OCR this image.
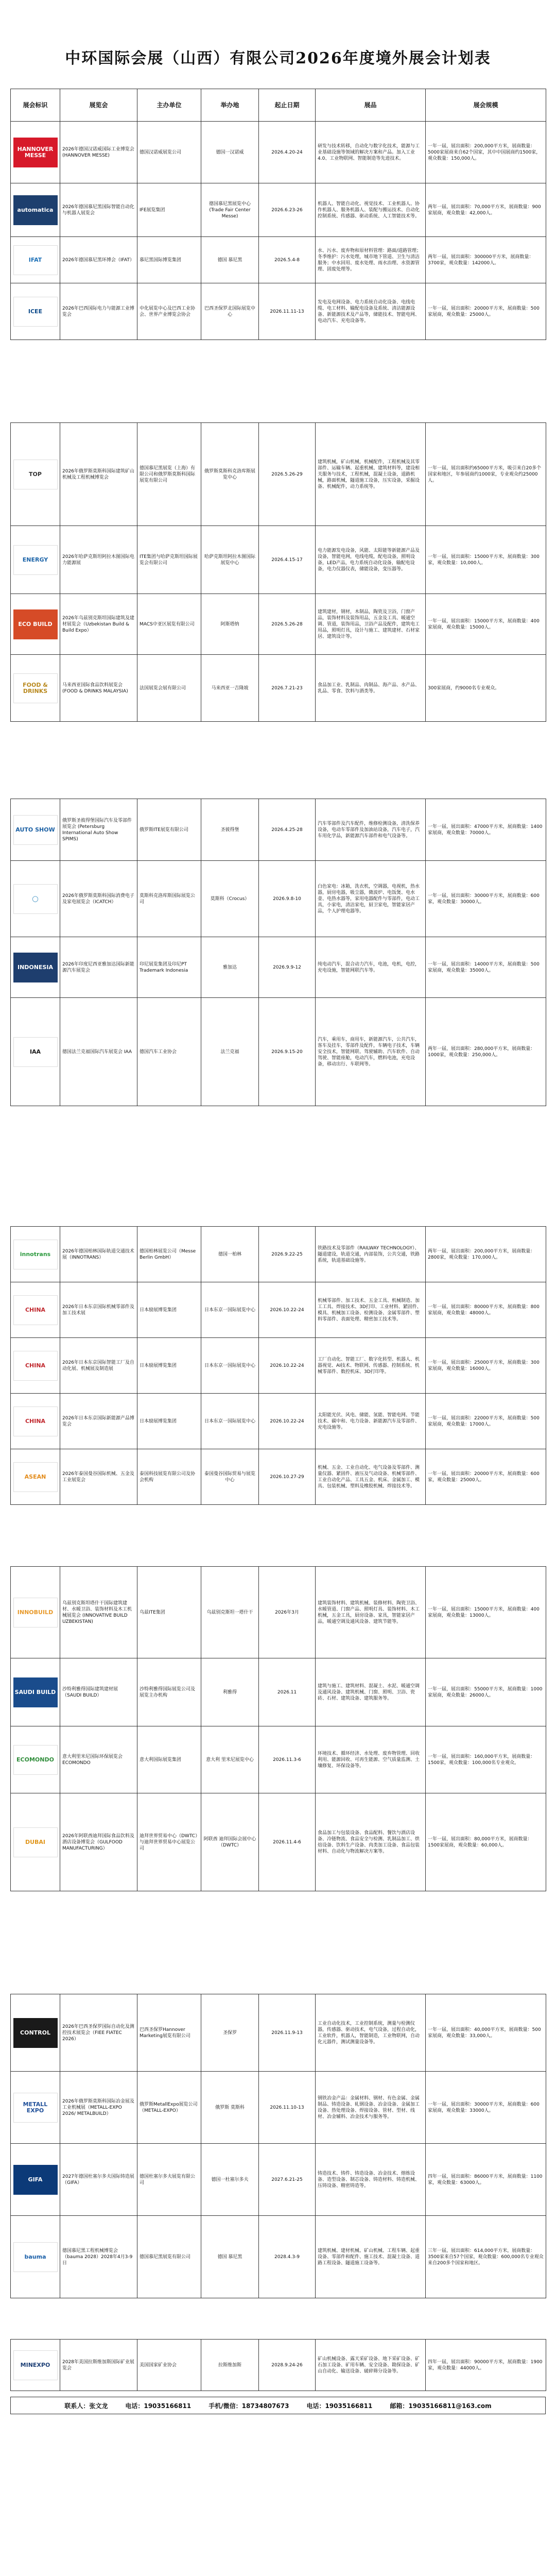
中环国际会展（山西）有限公司2026年度境外展会计划表
展会标识	展览会	主办单位	举办地	起止日期	展品	展会规模

HANNOVER MESSE	2026年德国汉诺威国际工业博览会(HANNOVER MESSE)	德国汉诺威展览公司	德国一汉诺威	2026.4.20-24	研发与技术转移，自动化与数字化技术，能源与工业基础设施等领域的解决方案和产品。加入工业4.0、工业物联网、智能制造等先进技术。	一年一届，展出面积：200,000平方米，展商数量：5000家展商来自62个国家，其中中国展商约1500家，观众数量：150,000人。

automatica	2026年德国慕尼黑国际智能自动化与机器人展览会	IFE展览集团	德国慕尼黑展览中心 (Trade Fair Center Messe)	2026.6.23-26	机器人、智能自动化、视觉技术、工业机器人、协作机器人、服务机器人、装配与搬运技术、自动化控制系统、传感器、驱动系统、人工智能技术等。	两年一届，展出面积：70,000平方米，展商数量：900家展商，观众数量：42,000人。

IFAT	2026年德国慕尼黑环博会（IFAT）	慕尼黑国际博览集团	德国 慕尼黑	2026.5.4-8	水、污水、废弃物和原材料管理：路面/道路管理；冬季维护：污水处理，城市地下管道、卫生与清洁服务；中水回用、废水处理、雨水治理、水资源管理、固废处理等。	两年一届，展出面积：300000平方米，展商数量：3700家，观众数量：142000人。

ICEE	2026年巴西国际电力与能源工业博览会	中化展览中心及巴西工业协会、世界产业博览会协会	巴西圣保罗北国际展览中心	2026.11.11-13	发电及电网设备、电力系统自动化设备、电线电缆、电工材料、输配电设备及系统、清洁能源设备、新能源技术及产品等，储能技术、智能电网、电动汽车、充电设备等。	一年一届，展出面积：20000平方米，展商数量：500家展商，观众数量：25000人。
TOP	2026年俄罗斯莫斯科国际建筑矿山机械及工程机械博览会	德国慕尼黑展览（上海）有限公司和俄罗斯莫斯科国际展览有限公司	俄罗斯莫斯科克洛库斯展览中心	2026.5.26-29	建筑机械，矿山机械，机械配件，工程机械及其零部件、运输车辆、起重机械、建筑材料等，建设相关服务与技术，工程机械，混凝土设备，道路机械，路面机械，隧道施工设备，压实设备，采掘设备、机械配件，动力系统等。	一年一届，展出面积约65000平方米，吸引来自20多个国家和地区，年参展商约1000家，专业观众约25000人。

ENERGY	2026年哈萨克斯坦阿拉木图国际电力能源展	ITE集团与哈萨克斯坦国际展览会有限公司	哈萨克斯坦阿拉木图国际展览中心	2026.4.15-17	电力能源发电设备，风能、太阳能等新能源产品及设备，智能电网，电线电缆，配电设备，照明设备，LED产品，电力系统自动化设备，输配电设备，电力仪器仪表，储能设备，变压器等。	一年一届，展出面积：15000平方米，展商数量：300家，观众数量：10,000人。

ECO BUILD	2026年乌兹别克斯坦国际建筑及建材展览会（Uzbekistan Build & Build Expo）	MACS中亚区展览有限公司	阿斯塔纳	2026.5.26-28	建筑建材，钢材，木制品，陶瓷及卫浴，门窗产品，装饰材料及装饰用品，五金及工具、暖通空调、管道，装饰用品，卫浴产品及配件，建筑电工用品，照明灯具，设计与施工、建筑建材、石材家居、建筑设计等。	一年一届，展出面积：15000平方米，展商数量：400家展商，观众数量：15000人。

FOOD & DRINKS	马来西亚国际食品饮料展览会 (FOOD & DRINKS MALAYSIA)	法国展览会展有限公司	马来西亚一吉隆坡	2026.7.21-23	食品加工业、乳制品、肉制品、海产品、水产品、乳品、零食、饮料与酒类等。	300家展商，约9000名专业观众。
AUTO SHOW	俄罗斯圣彼得堡国际汽车及零部件展览会 (Petersburg International Auto Show SPIMS)	俄罗斯ITE展览有限公司	圣彼得堡	2026.4.25-28	汽车零部件及汽车配件，维修检测设备，清洗保养设备，电动车零部件及加油站设备，汽车电子，汽车用化学品，新能源汽车部件和电气设备等。	一年一届，展出面积：47000平方米，展商数量：1400家展商，观众数量：70000人。

◯	2026年俄罗斯莫斯科国际消费电子及家电展览会（ICATCH）	莫斯科克洛库斯国际展览公司	莫斯科（Crocus）	2026.9.8-10	白色家电：冰箱，洗衣机，空调器，电视机，热水器，厨房电器，吸尘器，微波炉、电饭煲、电水壶、电热水器等，家用电器配件与零部件，电动工具，小家电，清洁家电，厨卫家电，智能家居产品，个人护理电器等。	一年一届，展出面积：30000平方米，展商数量：600家，观众数量：30000人。

INDONESIA	2026年印度尼西亚雅加达国际新能源汽车展览会	印尼展览集团及印尼PT Trademark Indonesia	雅加达	2026.9.9-12	纯电动汽车，混合动力汽车，电池，电机，电控，充电设施，智能网联汽车等。	一年一届，展出面积：14000平方米，展商数量：500家展商，观众数量：35000人。

IAA	德国法兰克福国际汽车展览会 IAA	德国汽车工业协会	法兰克福	2026.9.15-20	汽车，乘用车，商用车，新能源汽车，公共汽车，客车及挂车，零部件及配件，车辆电子技术，车辆安全技术，智能网联、驾驶辅助、汽车软件、自动驾驶、智能座舱，电动汽车，燃料电池，充电设备，移动出行、车联网等。	两年一届，展出面积：280,000平方米，展商数量：1000家，观众数量：250,000人。
innotrans	2026年德国柏林国际轨道交通技术展（INNOTRANS）	德国柏林展览公司（Messe Berlin GmbH）	德国一柏林	2026.9.22-25	铁路技术及零部件（RAILWAY TECHNOLOGY）、隧道建设，轨道交通，内部装饰，公共交通，铁路系统，轨道基础设施等。	两年一届，展出面积：200,000平方米，展商数量：2800家，观众数量：170,000人。

CHINA	2026年日本东京国际机械零部件及加工技术展	日本励展博览集团	日本东京一国际展览中心	2026.10.22-24	机械零部件、加工技术、五金工具、机械制造、加工工具、焊接技术、3D打印、工业材料、紧固件、模具、机械加工设备、检测设备、金属零部件、塑料零部件、表面处理、精密加工技术等。	一年一届，展出面积：80000平方米，展商数量：800家展商，观众数量：48000人。

CHINA	2026年日本东京国际智能工厂及自动化展、机械展及制造展	日本励展博览集团	日本东京一国际展览中心	2026.10.22-24	工厂自动化、智能工厂、数字化转型、机器人、机器视觉、AI技术、物联网、传感器、控制系统、机械零部件、数控机床、3D打印等。	一年一届，展出面积：25000平方米，展商数量：300家展商，观众数量：16000人。

CHINA	2026年日本东京国际新能源产品博览会	日本励展博览集团	日本东京一国际展览中心	2026.10.22-24	太阳能光伏、风电、储能、氢能、智能电网、节能技术、碳中和、电力设备、新能源汽车及零部件、充电设施等。	一年一届，展出面积：22000平方米，展商数量：500家展商，观众数量：17000人。

ASEAN	2026年泰国曼谷国际机械、五金及工业展览会	泰国科技展览有限公司及协会机构	泰国曼谷国际贸易与展览中心	2026.10.27-29	机械、五金、工业自动化、电气设备及零部件、测量仪器、紧固件、液压及气动设备、机械零部件、工业自动化产品、工具五金、机床、金属加工、模具、包装机械、塑料及橡胶机械、焊接技术等。	一年一届，展出面积：20000平方米，展商数量：600家，观众数量：25000人。
INNOBUILD	乌兹别克斯坦塔什干国际建筑建材、水暖卫浴、装饰材料及木工机械展览会 (INNOVATIVE BUILD UZBEKISTAN)	乌兹ITE集团	乌兹别克斯坦一塔什干	2026年3月	建筑装饰材料、建筑机械、装修材料、陶瓷卫浴、水暖管道、门窗产品、照明灯具、装饰材料、木工机械，五金工具，厨房设备、家具，智能家居产品，暖通空调及通风设备、建筑节能等。	一年一届，展出面积：15000平方米，展商数量：400家展商，观众数量：13000人。

SAUDI BUILD	沙特利雅得国际建筑建材展（SAUDI BUILD）	沙特利雅得国际展览公司及展览主办机构	利雅得	2026.11	建筑与施工、建筑材料、混凝土、水泥、暖通空调及通风设备、建筑机械、门窗、照明、卫浴、瓷砖、石材、建筑设备、建筑服务等。	一年一届，展出面积：55000平方米，展商数量：1000家展商，观众数量：26000人。

ECOMONDO	意大利里米尼国际环保展览会 ECOMONDO	意大利国际展览集团	意大利 里米尼展览中心	2026.11.3-6	环境技术、循环经济、水处理、废弃物管理、回收利用、能源回收、可再生能源、空气质量监测、土壤修复、环保设备等。	一年一届，展出面积：160,000平方米，展商数量：1500家，观众数量：100,000名专业观众。

DUBAI	2026年阿联酋迪拜国际食品饮料及酒店设备博览会（GULFOOD MANUFACTURING）	迪拜世界贸易中心（DWTC）与迪拜世界贸易中心展览公司	阿联酋 迪拜国际会展中心（DWTC）	2026.11.4-6	食品加工与包装设备、食品配料、餐饮与酒店设备、冷链物流、食品安全与检测、乳制品加工、烘焙设备、饮料生产设备、肉类加工设备、食品包装材料、自动化与物流解决方案等。	一年一届，展出面积：80,000平方米，展商数量：1500家展商，观众数量：60,000人。
CONTROL	2026年巴西圣保罗国际自动化及测控技术展览会（FIEE FIATEC 2026）	巴西圣保罗Hannover Marketing展览有限公司	圣保罗	2026.11.9-13	工业自动化技术，工业控制系统，测量与检测仪器，传感器、驱动技术，电气设备，过程自动化，工业软件，机器人，智能制造，工业物联网，自动化元器件，测试测量设备等。	一年一届，展出面积：40,000平方米，展商数量：500家展商，观众数量：33,000人。

METALL EXPO	2026年俄罗斯莫斯科国际冶金展及工业机械展（METALL-EXPO 2026/ METALBUILD）	俄罗斯MetallExpo展览公司（METALL-EXPO）	俄罗斯 莫斯科	2026.11.10-13	钢铁冶金产品：金属材料、钢材、有色金属、金属制品、铸造设备、轧钢设备、冶金设备、金属加工设备、热处理设备、焊接设备、管材、型材、线材、冶金辅料、冶金技术与服务等。	一年一届，展出面积：30000平方米，展商数量：600家展商，观众数量：33000人。

GIFA	2027年德国杜塞尔多夫国际铸造展（GIFA）	德国杜塞尔多夫展览有限公司	德国一杜塞尔多夫	2027.6.21-25	铸造技术、铸件、铸造设备、冶金技术、熔炼设备、造型设备、制芯设备、铸造材料、铸造机械、压铸设备、精密铸造等。	四年一届，展出面积：86000平方米，展商数量：1100家，观众数量：63000人。

bauma	德国慕尼黑工程机械博览会（bauma 2028）2028年4月3-9日	德国慕尼黑展览有限公司	德国 慕尼黑	2028.4.3-9	建筑机械、建材机械、矿山机械、工程车辆、起重设备、零部件和配件、施工技术、混凝土设备、道路工程设备、隧道施工设备等。	三年一届，展出面积：614,000平方米，展商数量：3500家来自57个国家，观众数量：600,000名专业观众来自200多个国家和地区。
MINEXPO	2028年美国拉斯维加斯国际矿业展览会	美国国家矿业协会	拉斯维加斯	2028.9.24-26	矿山机械设备、露天采矿设备、地下采矿设备、矿石加工设备、矿用车辆、安全设备、勘探设备、矿山自动化、输送设备、破碎筛分设备等。	四年一届，展出面积：90000平方米，展商数量：1900家，观众数量：44000人。
联系人：张文龙	电话：19035166811	手机/微信：18734807673	电话：19035166811	邮箱：19035166811@163.com
